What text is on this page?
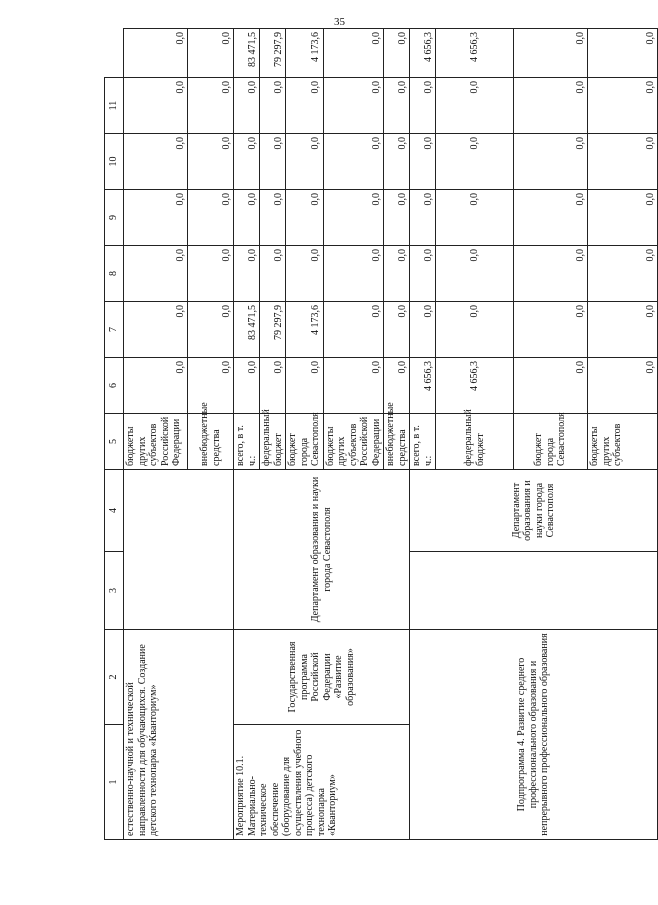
35
1	2	3	4	5	6	7	8	9	10	11	
естественно-научной и технической направленности для обучающихся. Создание детского технопарка «Кванториум»				бюджеты других субъектов Российской Федерации	0,0	0,0	0,0	0,0	0,0	0,0	0,0
				внебюджетные средства	0,0	0,0	0,0	0,0	0,0	0,0	0,0
Мероприятие 10.1. Материально-техническое обеспечение (оборудование для осуществления учебного процесса) детского технопарка «Кванториум»	Государственная программа Российской Федерации «Развитие образования»	Департамент образования и науки города Севастополя		всего, в т. ч.:	0,0	83 471,5	0,0	0,0	0,0	0,0	83 471,5
				федеральный бюджет	0,0	79 297,9	0,0	0,0	0,0	0,0	79 297,9
				бюджет города Севастополя	0,0	4 173,6	0,0	0,0	0,0	0,0	4 173,6
				бюджеты других субъектов Российской Федерации	0,0	0,0	0,0	0,0	0,0	0,0	0,0
				внебюджетные средства	0,0	0,0	0,0	0,0	0,0	0,0	0,0
Подпрограмма 4. Развитие среднего профессионального образования и непрерывного профессионального образования			Департамент образования и науки города Севастополя	всего, в т. ч.:	4 656,3	0,0	0,0	0,0	0,0	0,0	4 656,3
				федеральный бюджет	4 656,3	0,0	0,0	0,0	0,0	0,0	4 656,3
				бюджет города Севастополя	0,0	0,0	0,0	0,0	0,0	0,0	0,0
				бюджеты других субъектов	0,0	0,0	0,0	0,0	0,0	0,0	0,0
